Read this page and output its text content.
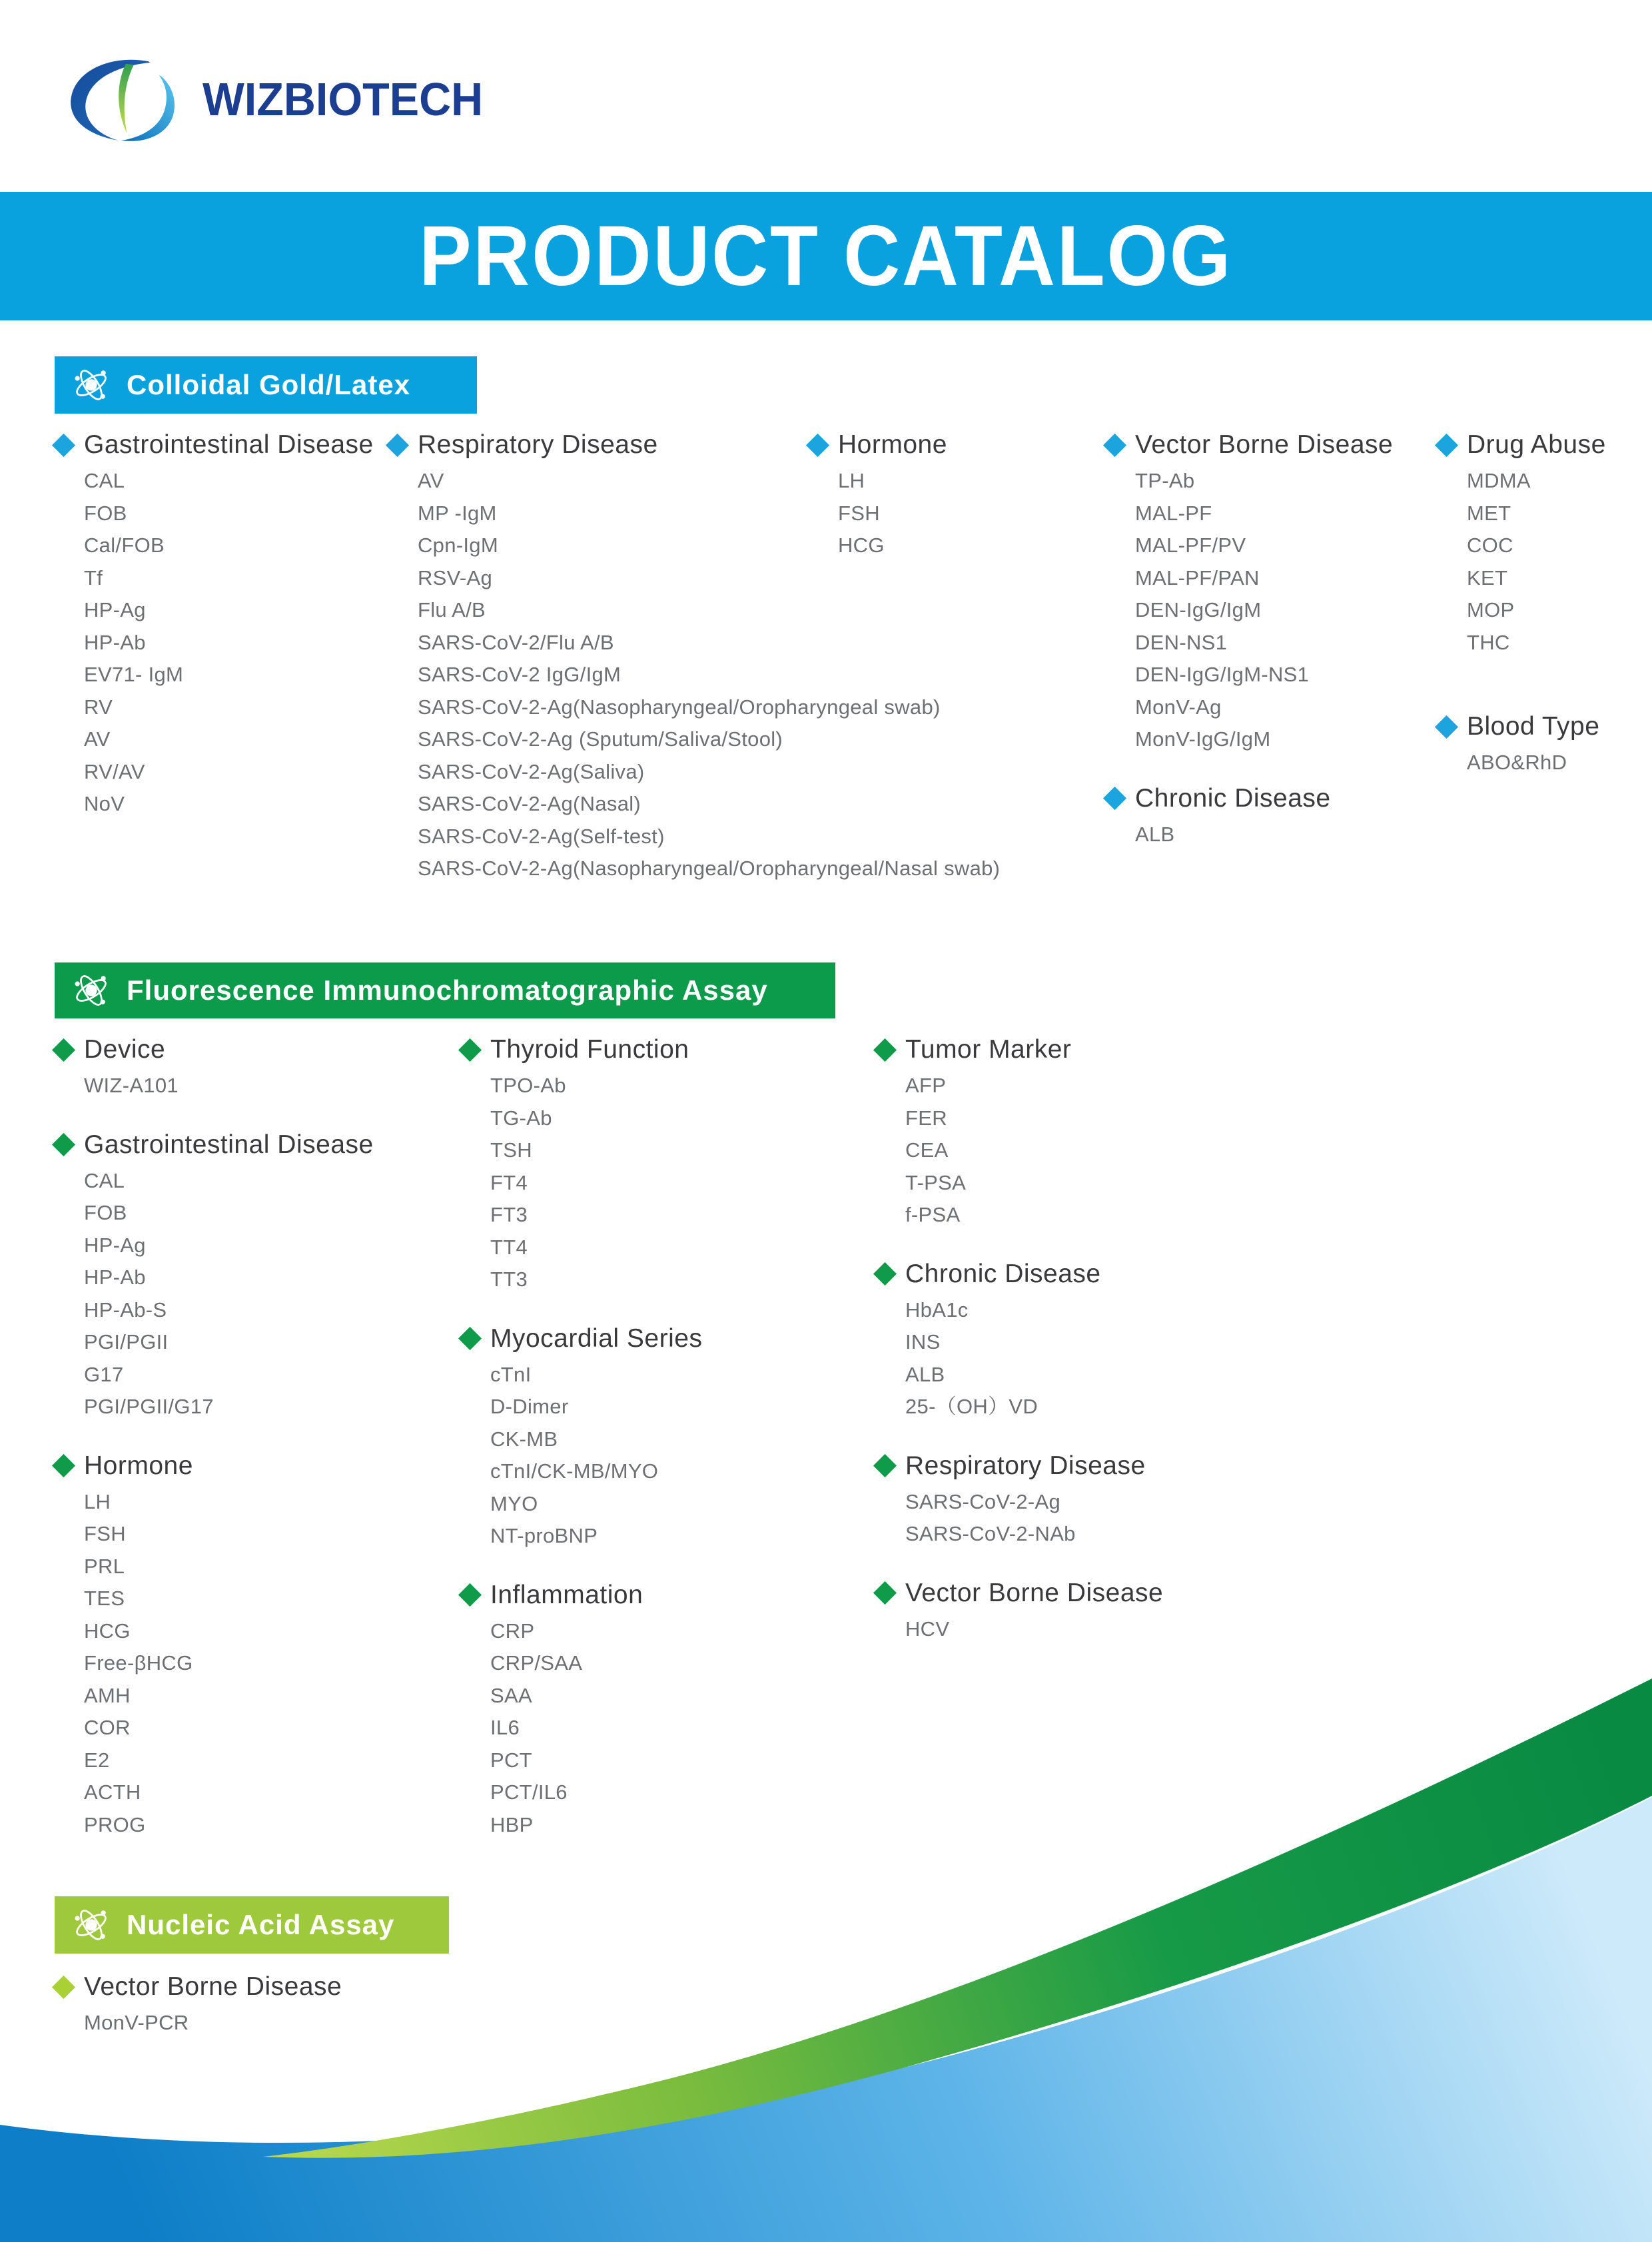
WIZBIOTECH
PRODUCT CATALOG
Colloidal Gold/Latex
Gastrointestinal Disease
CAL
FOB
Cal/FOB
Tf
HP-Ag
HP-Ab
EV71- IgM
RV
AV
RV/AV
NoV
Respiratory Disease
AV
MP -IgM
Cpn-IgM
RSV-Ag
Flu A/B
SARS-CoV-2/Flu A/B
SARS-CoV-2 IgG/IgM
SARS-CoV-2-Ag(Nasopharyngeal/Oropharyngeal swab)
SARS-CoV-2-Ag (Sputum/Saliva/Stool)
SARS-CoV-2-Ag(Saliva)
SARS-CoV-2-Ag(Nasal)
SARS-CoV-2-Ag(Self-test)
SARS-CoV-2-Ag(Nasopharyngeal/Oropharyngeal/Nasal swab)
Hormone
LH
FSH
HCG
Vector Borne Disease
TP-Ab
MAL-PF
MAL-PF/PV
MAL-PF/PAN
DEN-IgG/IgM
DEN-NS1
DEN-IgG/IgM-NS1
MonV-Ag
MonV-IgG/IgM
Chronic Disease
ALB
Drug Abuse
MDMA
MET
COC
KET
MOP
THC
Blood Type
ABO&RhD
Fluorescence Immunochromatographic Assay
Device
WIZ-A101
Gastrointestinal Disease
CAL
FOB
HP-Ag
HP-Ab
HP-Ab-S
PGI/PGII
G17
PGI/PGII/G17
Hormone
LH
FSH
PRL
TES
HCG
Free-βHCG
AMH
COR
E2
ACTH
PROG
Thyroid Function
TPO-Ab
TG-Ab
TSH
FT4
FT3
TT4
TT3
Myocardial Series
cTnI
D-Dimer
CK-MB
cTnI/CK-MB/MYO
MYO
NT-proBNP
Inflammation
CRP
CRP/SAA
SAA
IL6
PCT
PCT/IL6
HBP
Tumor Marker
AFP
FER
CEA
T-PSA
f-PSA
Chronic Disease
HbA1c
INS
ALB
25-（OH）VD
Respiratory Disease
SARS-CoV-2-Ag
SARS-CoV-2-NAb
Vector Borne Disease
HCV
Nucleic Acid Assay
Vector Borne Disease
MonV-PCR
